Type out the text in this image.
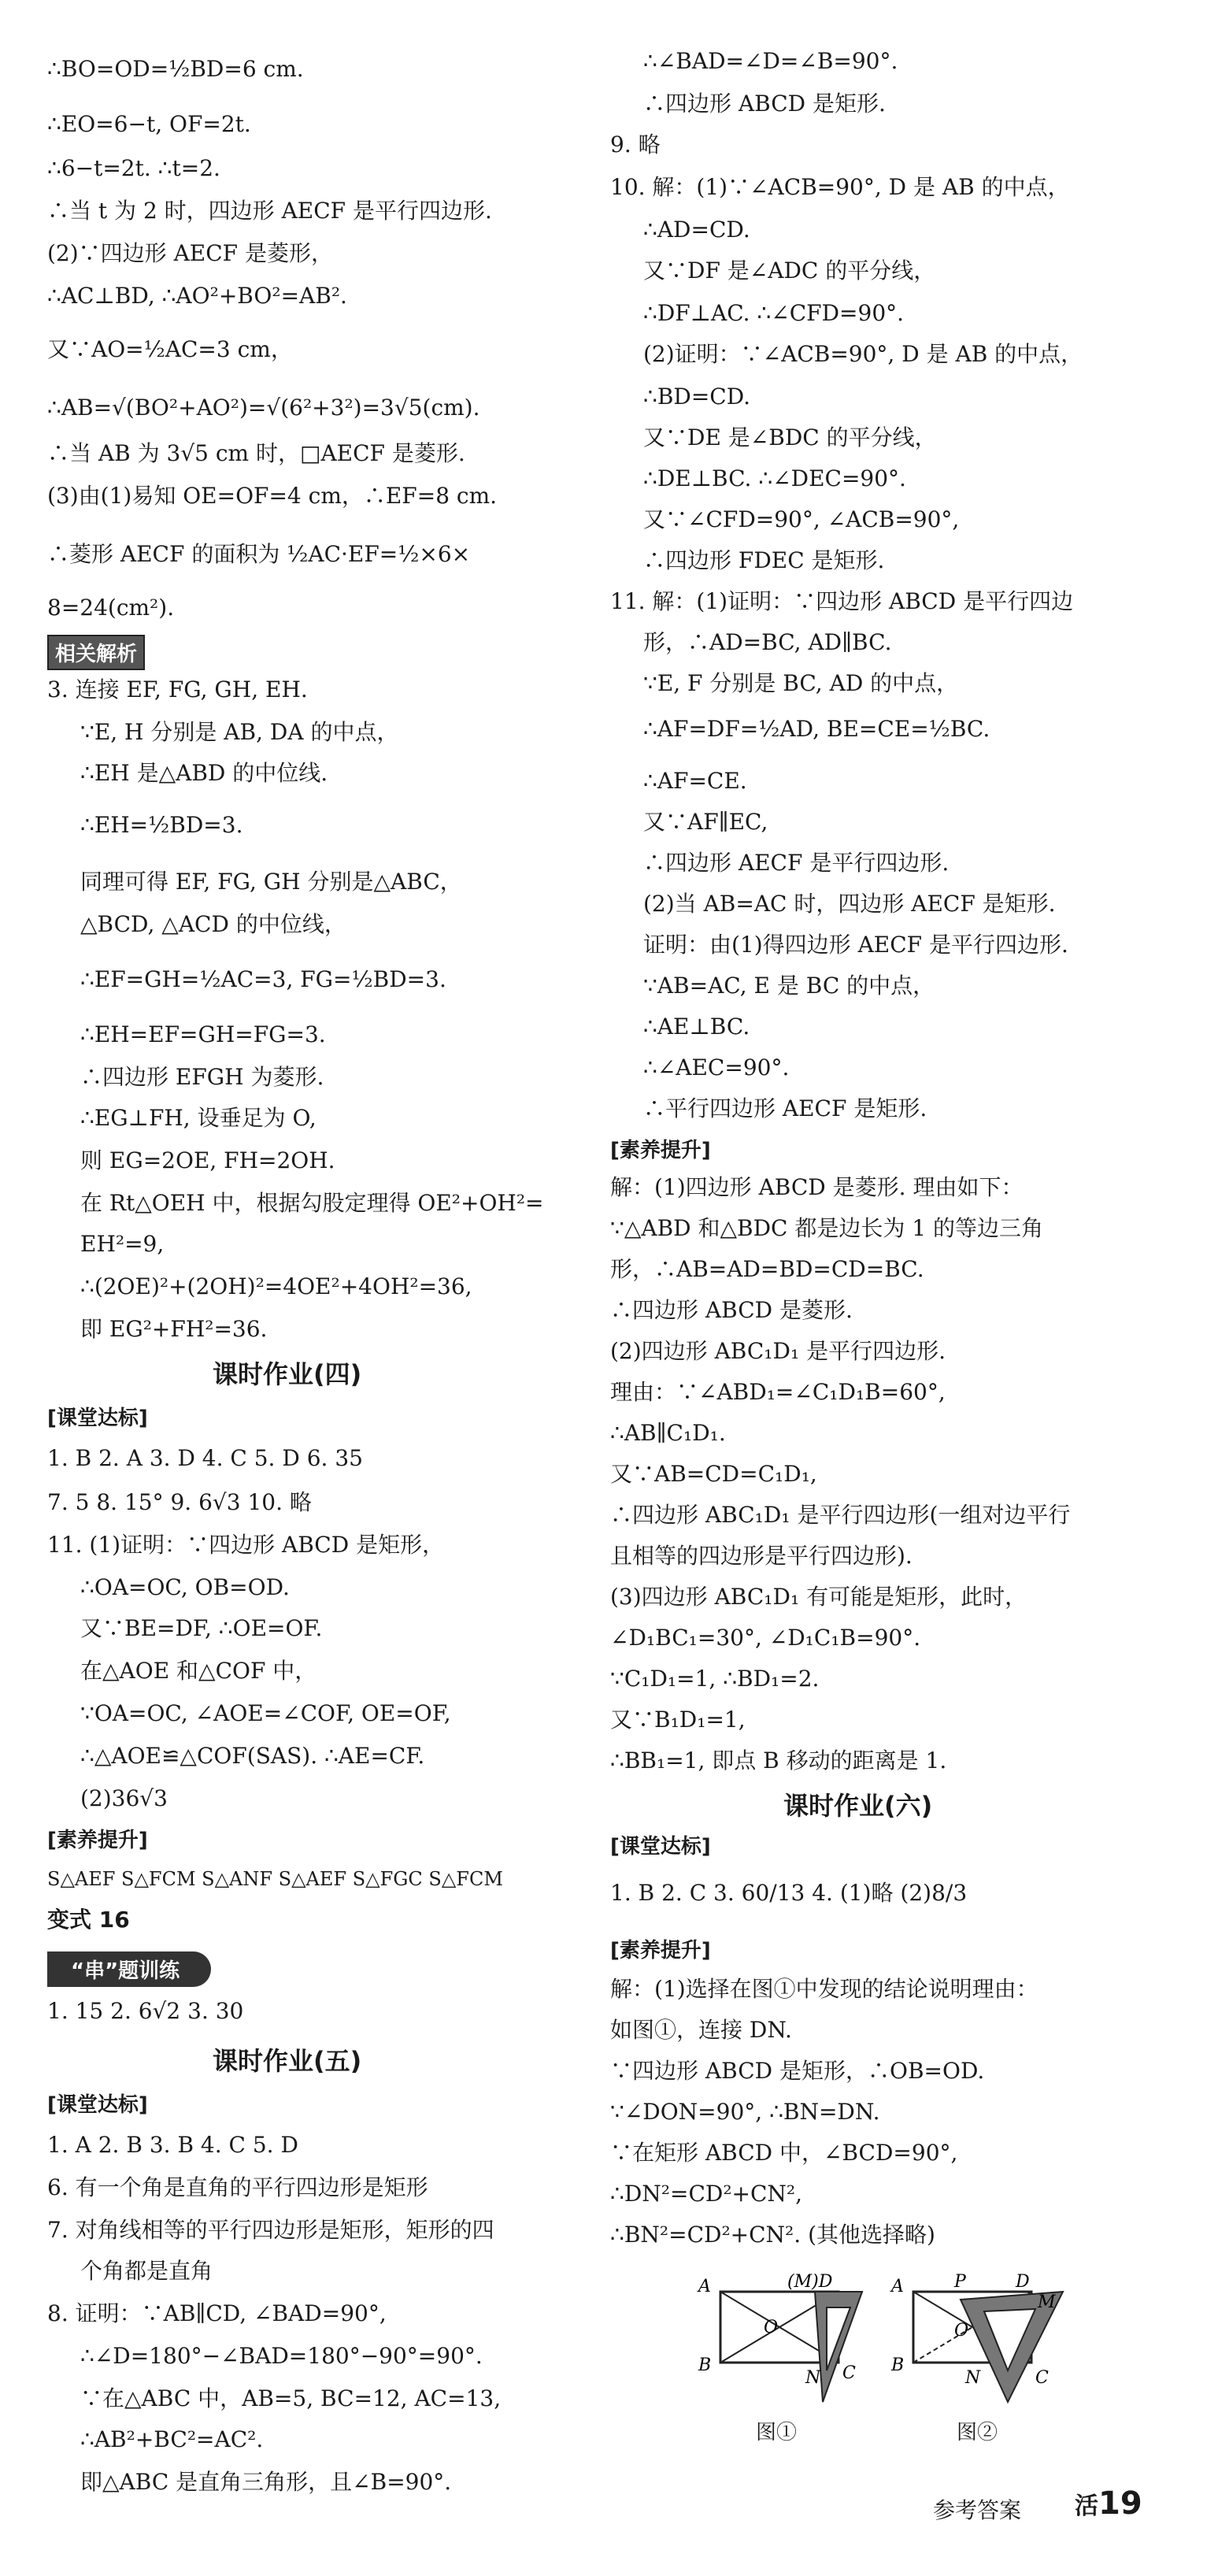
∴BO=OD=½BD=6 cm.
∴EO=6−t, OF=2t.
∴6−t=2t. ∴t=2.
∴当 t 为 2 时，四边形 AECF 是平行四边形.
(2)∵四边形 AECF 是菱形，
∴AC⊥BD, ∴AO²+BO²=AB².
又∵AO=½AC=3 cm，
∴AB=√(BO²+AO²)=√(6²+3²)=3√5(cm).
∴当 AB 为 3√5 cm 时，□AECF 是菱形.
(3)由(1)易知 OE=OF=4 cm，∴EF=8 cm.
∴菱形 AECF 的面积为 ½AC·EF=½×6×
8=24(cm²).
相关解析
3. 连接 EF, FG, GH, EH.
∵E, H 分别是 AB, DA 的中点，
∴EH 是△ABD 的中位线.
∴EH=½BD=3.
同理可得 EF, FG, GH 分别是△ABC，
△BCD, △ACD 的中位线，
∴EF=GH=½AC=3, FG=½BD=3.
∴EH=EF=GH=FG=3.
∴四边形 EFGH 为菱形.
∴EG⊥FH, 设垂足为 O,
则 EG=2OE, FH=2OH.
在 Rt△OEH 中，根据勾股定理得 OE²+OH²=
EH²=9,
∴(2OE)²+(2OH)²=4OE²+4OH²=36,
即 EG²+FH²=36.
课时作业(四)
[课堂达标]
1. B 2. A 3. D 4. C 5. D 6. 35
7. 5 8. 15° 9. 6√3 10. 略
11. (1)证明：∵四边形 ABCD 是矩形，
∴OA=OC, OB=OD.
又∵BE=DF, ∴OE=OF.
在△AOE 和△COF 中，
∵OA=OC, ∠AOE=∠COF, OE=OF,
∴△AOE≌△COF(SAS). ∴AE=CF.
(2)36√3
[素养提升]
S△AEF S△FCM S△ANF S△AEF S△FGC S△FCM
变式 16
“串”题训练
1. 15 2. 6√2 3. 30
课时作业(五)
[课堂达标]
1. A 2. B 3. B 4. C 5. D
6. 有一个角是直角的平行四边形是矩形
7. 对角线相等的平行四边形是矩形，矩形的四
个角都是直角
8. 证明：∵AB∥CD, ∠BAD=90°,
∴∠D=180°−∠BAD=180°−90°=90°.
∵在△ABC 中，AB=5, BC=12, AC=13,
∴AB²+BC²=AC².
即△ABC 是直角三角形，且∠B=90°.
∴∠BAD=∠D=∠B=90°.
∴四边形 ABCD 是矩形.
9. 略
10. 解：(1)∵∠ACB=90°, D 是 AB 的中点，
∴AD=CD.
又∵DF 是∠ADC 的平分线，
∴DF⊥AC. ∴∠CFD=90°.
(2)证明：∵∠ACB=90°, D 是 AB 的中点，
∴BD=CD.
又∵DE 是∠BDC 的平分线，
∴DE⊥BC. ∴∠DEC=90°.
又∵∠CFD=90°, ∠ACB=90°,
∴四边形 FDEC 是矩形.
11. 解：(1)证明：∵四边形 ABCD 是平行四边
形，∴AD=BC, AD∥BC.
∵E, F 分别是 BC, AD 的中点，
∴AF=DF=½AD, BE=CE=½BC.
∴AF=CE.
又∵AF∥EC,
∴四边形 AECF 是平行四边形.
(2)当 AB=AC 时，四边形 AECF 是矩形.
证明：由(1)得四边形 AECF 是平行四边形.
∵AB=AC, E 是 BC 的中点，
∴AE⊥BC.
∴∠AEC=90°.
∴平行四边形 AECF 是矩形.
[素养提升]
解：(1)四边形 ABCD 是菱形. 理由如下：
∵△ABD 和△BDC 都是边长为 1 的等边三角
形，∴AB=AD=BD=CD=BC.
∴四边形 ABCD 是菱形.
(2)四边形 ABC₁D₁ 是平行四边形.
理由：∵∠ABD₁=∠C₁D₁B=60°,
∴AB∥C₁D₁.
又∵AB=CD=C₁D₁,
∴四边形 ABC₁D₁ 是平行四边形(一组对边平行
且相等的四边形是平行四边形).
(3)四边形 ABC₁D₁ 有可能是矩形，此时，
∠D₁BC₁=30°, ∠D₁C₁B=90°.
∵C₁D₁=1, ∴BD₁=2.
又∵B₁D₁=1,
∴BB₁=1, 即点 B 移动的距离是 1.
课时作业(六)
[课堂达标]
1. B 2. C 3. 60/13 4. (1)略 (2)8/3
[素养提升]
解：(1)选择在图①中发现的结论说明理由：
如图①，连接 DN.
∵四边形 ABCD 是矩形，∴OB=OD.
∵∠DON=90°, ∴BN=DN.
∵在矩形 ABCD 中，∠BCD=90°,
∴DN²=CD²+CN²,
∴BN²=CD²+CN². (其他选择略)
A	(M)D
O
B
N C
图①
A	P	D
M
O
B
N	C
图②
参考答案 活19
